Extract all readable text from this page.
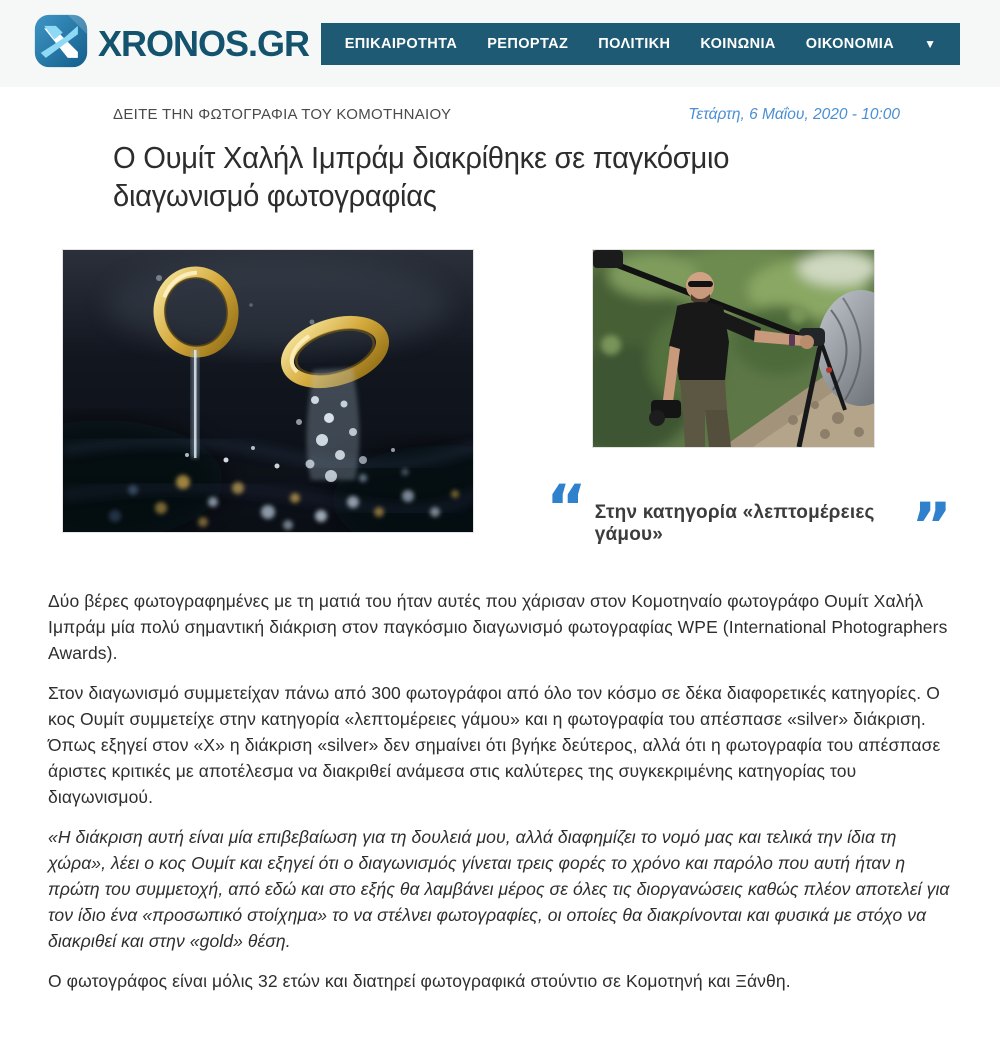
XRONOS.GR ΕΠΙΚΑΙΡΟΤΗΤΑ ΡΕΠΟΡΤΑΖ ΠΟΛΙΤΙΚΗ ΚΟΙΝΩΝΙΑ ΟΙΚΟΝΟΜΙΑ	▼
ΔΕΙΤΕ ΤΗΝ ΦΩΤΟΓΡΑΦΙΑ ΤΟΥ ΚΟΜΟΤΗΝΑΙΟΥ	Τετάρτη, 6 Μαΐου, 2020 - 10:00
Ο Ουμίτ Χαλήλ Ιμπράμ διακρίθηκε σε παγκόσμιο διαγωνισμό φωτογραφίας
“ Στην κατηγορία «λεπτομέρειες γάμου»	”

Δύο βέρες φωτογραφημένες με τη ματιά του ήταν αυτές που χάρισαν στον Κομοτηναίο φωτογράφο Ουμίτ Χαλήλ Ιμπράμ μία πολύ σημαντική διάκριση στον παγκόσμιο διαγωνισμό φωτογραφίας WPE (International Photographers Awards).

Στον διαγωνισμό συμμετείχαν πάνω από 300 φωτογράφοι από όλο τον κόσμο σε δέκα διαφορετικές κατηγορίες. Ο κος Ουμίτ συμμετείχε στην κατηγορία «λεπτομέρειες γάμου» και η φωτογραφία του απέσπασε «silver» διάκριση. Όπως εξηγεί στον «Χ» η διάκριση «silver» δεν σημαίνει ότι βγήκε δεύτερος, αλλά ότι η φωτογραφία του απέσπασε άριστες κριτικές με αποτέλεσμα να διακριθεί ανάμεσα στις καλύτερες της συγκεκριμένης κατηγορίας του διαγωνισμού.

«Η διάκριση αυτή είναι μία επιβεβαίωση για τη δουλειά μου, αλλά διαφημίζει το νομό μας και τελικά την ίδια τη χώρα», λέει ο κος Ουμίτ και εξηγεί ότι ο διαγωνισμός γίνεται τρεις φορές το χρόνο και παρόλο που αυτή ήταν η πρώτη του συμμετοχή, από εδώ και στο εξής θα λαμβάνει μέρος σε όλες τις διοργανώσεις καθώς πλέον αποτελεί για τον ίδιο ένα «προσωπικό στοίχημα» το να στέλνει φωτογραφίες, οι οποίες θα διακρίνονται και φυσικά με στόχο να διακριθεί και στην «gold» θέση.

Ο φωτογράφος είναι μόλις 32 ετών και διατηρεί φωτογραφικά στούντιο σε Κομοτηνή και Ξάνθη.
